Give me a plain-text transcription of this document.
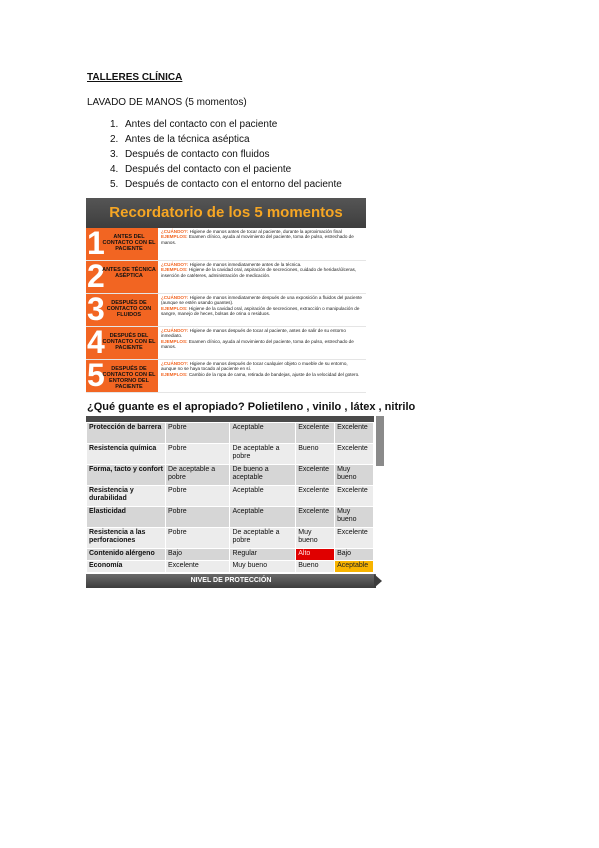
TALLERES CLÍNICA
LAVADO DE MANOS (5 momentos)
1. Antes del contacto con el paciente
2. Antes de la técnica aséptica
3. Después de contacto con fluidos
4. Después del contacto con el paciente
5. Después de contacto con el entorno del paciente
Recordatorio de los 5 momentos
1	ANTES DEL CONTACTO CON EL PACIENTE
¿CUÁNDO?: Higiene de manos antes de tocar al paciente, durante la aproximación final
EJEMPLOS: Examen clínico, ayuda al movimiento del paciente, toma de pulso, estrechado de manos.
2
ANTES DE TÉCNICA ASÉPTICA
¿CUÁNDO?: Higiene de manos inmediatamente antes de la técnica.
EJEMPLOS: Higiene de la cavidad oral, aspiración de secreciones, cuidado de heridas/úlceras, inserción de catéteres, administración de medicación.
3	DESPUÉS DE CONTACTO CON FLUIDOS
¿CUÁNDO?: Higiene de manos inmediatamente después de una exposición a fluidos del paciente (aunque se estén usando guantes).
EJEMPLOS: Higiene de la cavidad oral, aspiración de secreciones, extracción o manipulación de sangre, manejo de heces, bolsas de orina o residuos.
4 DESPUÉS DEL CONTACTO CON EL PACIENTE
¿CUÁNDO?: Higiene de manos después de tocar al paciente, antes de salir de su entorno inmediato.
EJEMPLOS: Examen clínico, ayuda al movimiento del paciente, toma de pulso, estrechado de manos.
5	DESPUÉS DE CONTACTO CON EL ENTORNO DEL PACIENTE
¿CUÁNDO?: Higiene de manos después de tocar cualquier objeto o mueble de su entorno, aunque no se haya tocado al paciente en sí.
EJEMPLOS: Cambio de la ropa de cama, retirada de bandejas, ajuste de la velocidad del gotero.
¿Qué guante es el apropiado? Polietileno , vinilo , látex , nitrilo
Protección de barrera	Pobre	Aceptable	Excelente	Excelente
Resistencia química	Pobre	De aceptable a pobre	Bueno	Excelente
Forma, tacto y confort	De aceptable a pobre	De bueno a aceptable	Excelente	Muy bueno
Resistencia y durabilidad	Pobre	Aceptable	Excelente	Excelente
Elasticidad	Pobre	Aceptable	Excelente	Muy bueno
Resistencia a las perforaciones	Pobre	De aceptable a pobre	Muy bueno	Excelente
Contenido alérgeno	Bajo	Regular	Alto	Bajo
Economía	Excelente	Muy bueno	Bueno	Aceptable
NIVEL DE PROTECCIÓN
